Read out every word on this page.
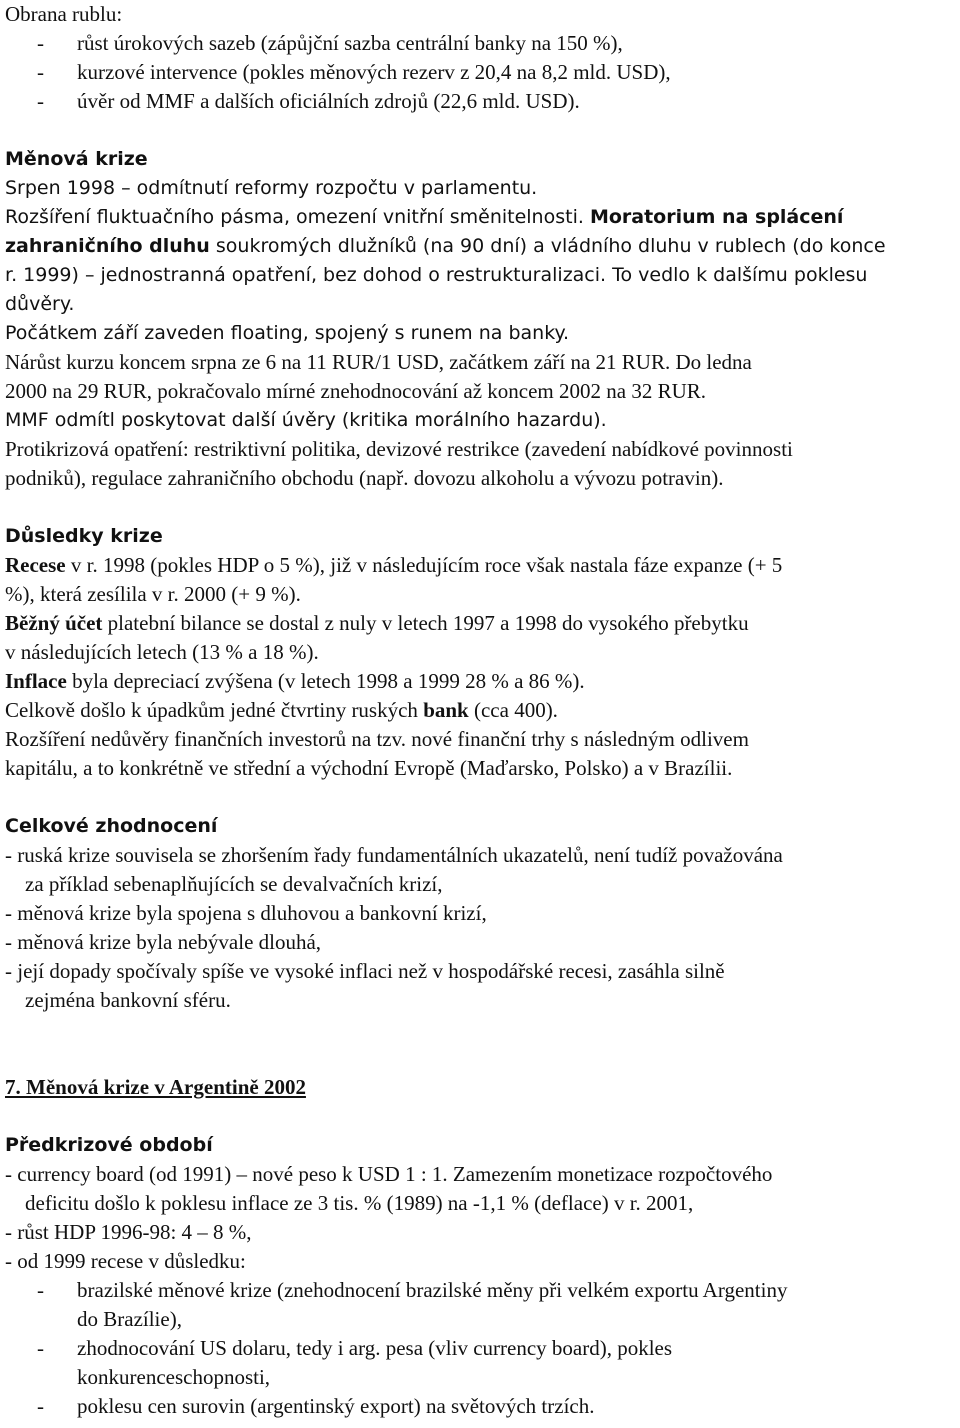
Obrana rublu:
-	růst úrokových sazeb (zápůjční sazba centrální banky na 150 %),
-	kurzové intervence (pokles měnových rezerv z 20,4 na 8,2 mld. USD),
-	úvěr od MMF a dalších oficiálních zdrojů (22,6 mld. USD).
Měnová krize
Srpen 1998 – odmítnutí reformy rozpočtu v parlamentu.
Rozšíření fluktuačního pásma, omezení vnitřní směnitelnosti. Moratorium na splácení
zahraničního dluhu soukromých dlužníků (na 90 dní) a vládního dluhu v rublech (do konce
r. 1999) – jednostranná opatření, bez dohod o restrukturalizaci. To vedlo k dalšímu poklesu
důvěry.
Počátkem září zaveden floating, spojený s runem na banky.
Nárůst kurzu koncem srpna ze 6 na 11 RUR/1 USD, začátkem září na 21 RUR. Do ledna
2000 na 29 RUR, pokračovalo mírné znehodnocování až koncem 2002 na 32 RUR.
MMF odmítl poskytovat další úvěry (kritika morálního hazardu).
Protikrizová opatření: restriktivní politika, devizové restrikce (zavedení nabídkové povinnosti
podniků), regulace zahraničního obchodu (např. dovozu alkoholu a vývozu potravin).
Důsledky krize
Recese v r. 1998 (pokles HDP o 5 %), již v následujícím roce však nastala fáze expanze (+ 5
%), která zesílila v r. 2000 (+ 9 %).
Běžný účet platební bilance se dostal z nuly v letech 1997 a 1998 do vysokého přebytku
v následujících letech (13 % a 18 %).
Inflace byla depreciací zvýšena (v letech 1998 a 1999 28 % a 86 %).
Celkově došlo k úpadkům jedné čtvrtiny ruských bank (cca 400).
Rozšíření nedůvěry finančních investorů na tzv. nové finanční trhy s následným odlivem
kapitálu, a to konkrétně ve střední a východní Evropě (Maďarsko, Polsko) a v Brazílii.
Celkové zhodnocení
- ruská krize souvisela se zhoršením řady fundamentálních ukazatelů, není tudíž považována
za příklad sebenaplňujících se devalvačních krizí,
- měnová krize byla spojena s dluhovou a bankovní krizí,
- měnová krize byla nebývale dlouhá,
- její dopady spočívaly spíše ve vysoké inflaci než v hospodářské recesi, zasáhla silně
zejména bankovní sféru.
7. Měnová krize v Argentině 2002
Předkrizové období
- currency board (od 1991) – nové peso k USD 1 : 1. Zamezením monetizace rozpočtového
deficitu došlo k poklesu inflace ze 3 tis. % (1989) na -1,1 % (deflace) v r. 2001,
- růst HDP 1996-98: 4 – 8 %,
- od 1999 recese v důsledku:
-	brazilské měnové krize (znehodnocení brazilské měny při velkém exportu Argentiny
do Brazílie),
-	zhodnocování US dolaru, tedy i arg. pesa (vliv currency board), pokles
konkurenceschopnosti,
-	poklesu cen surovin (argentinský export) na světových trzích.
